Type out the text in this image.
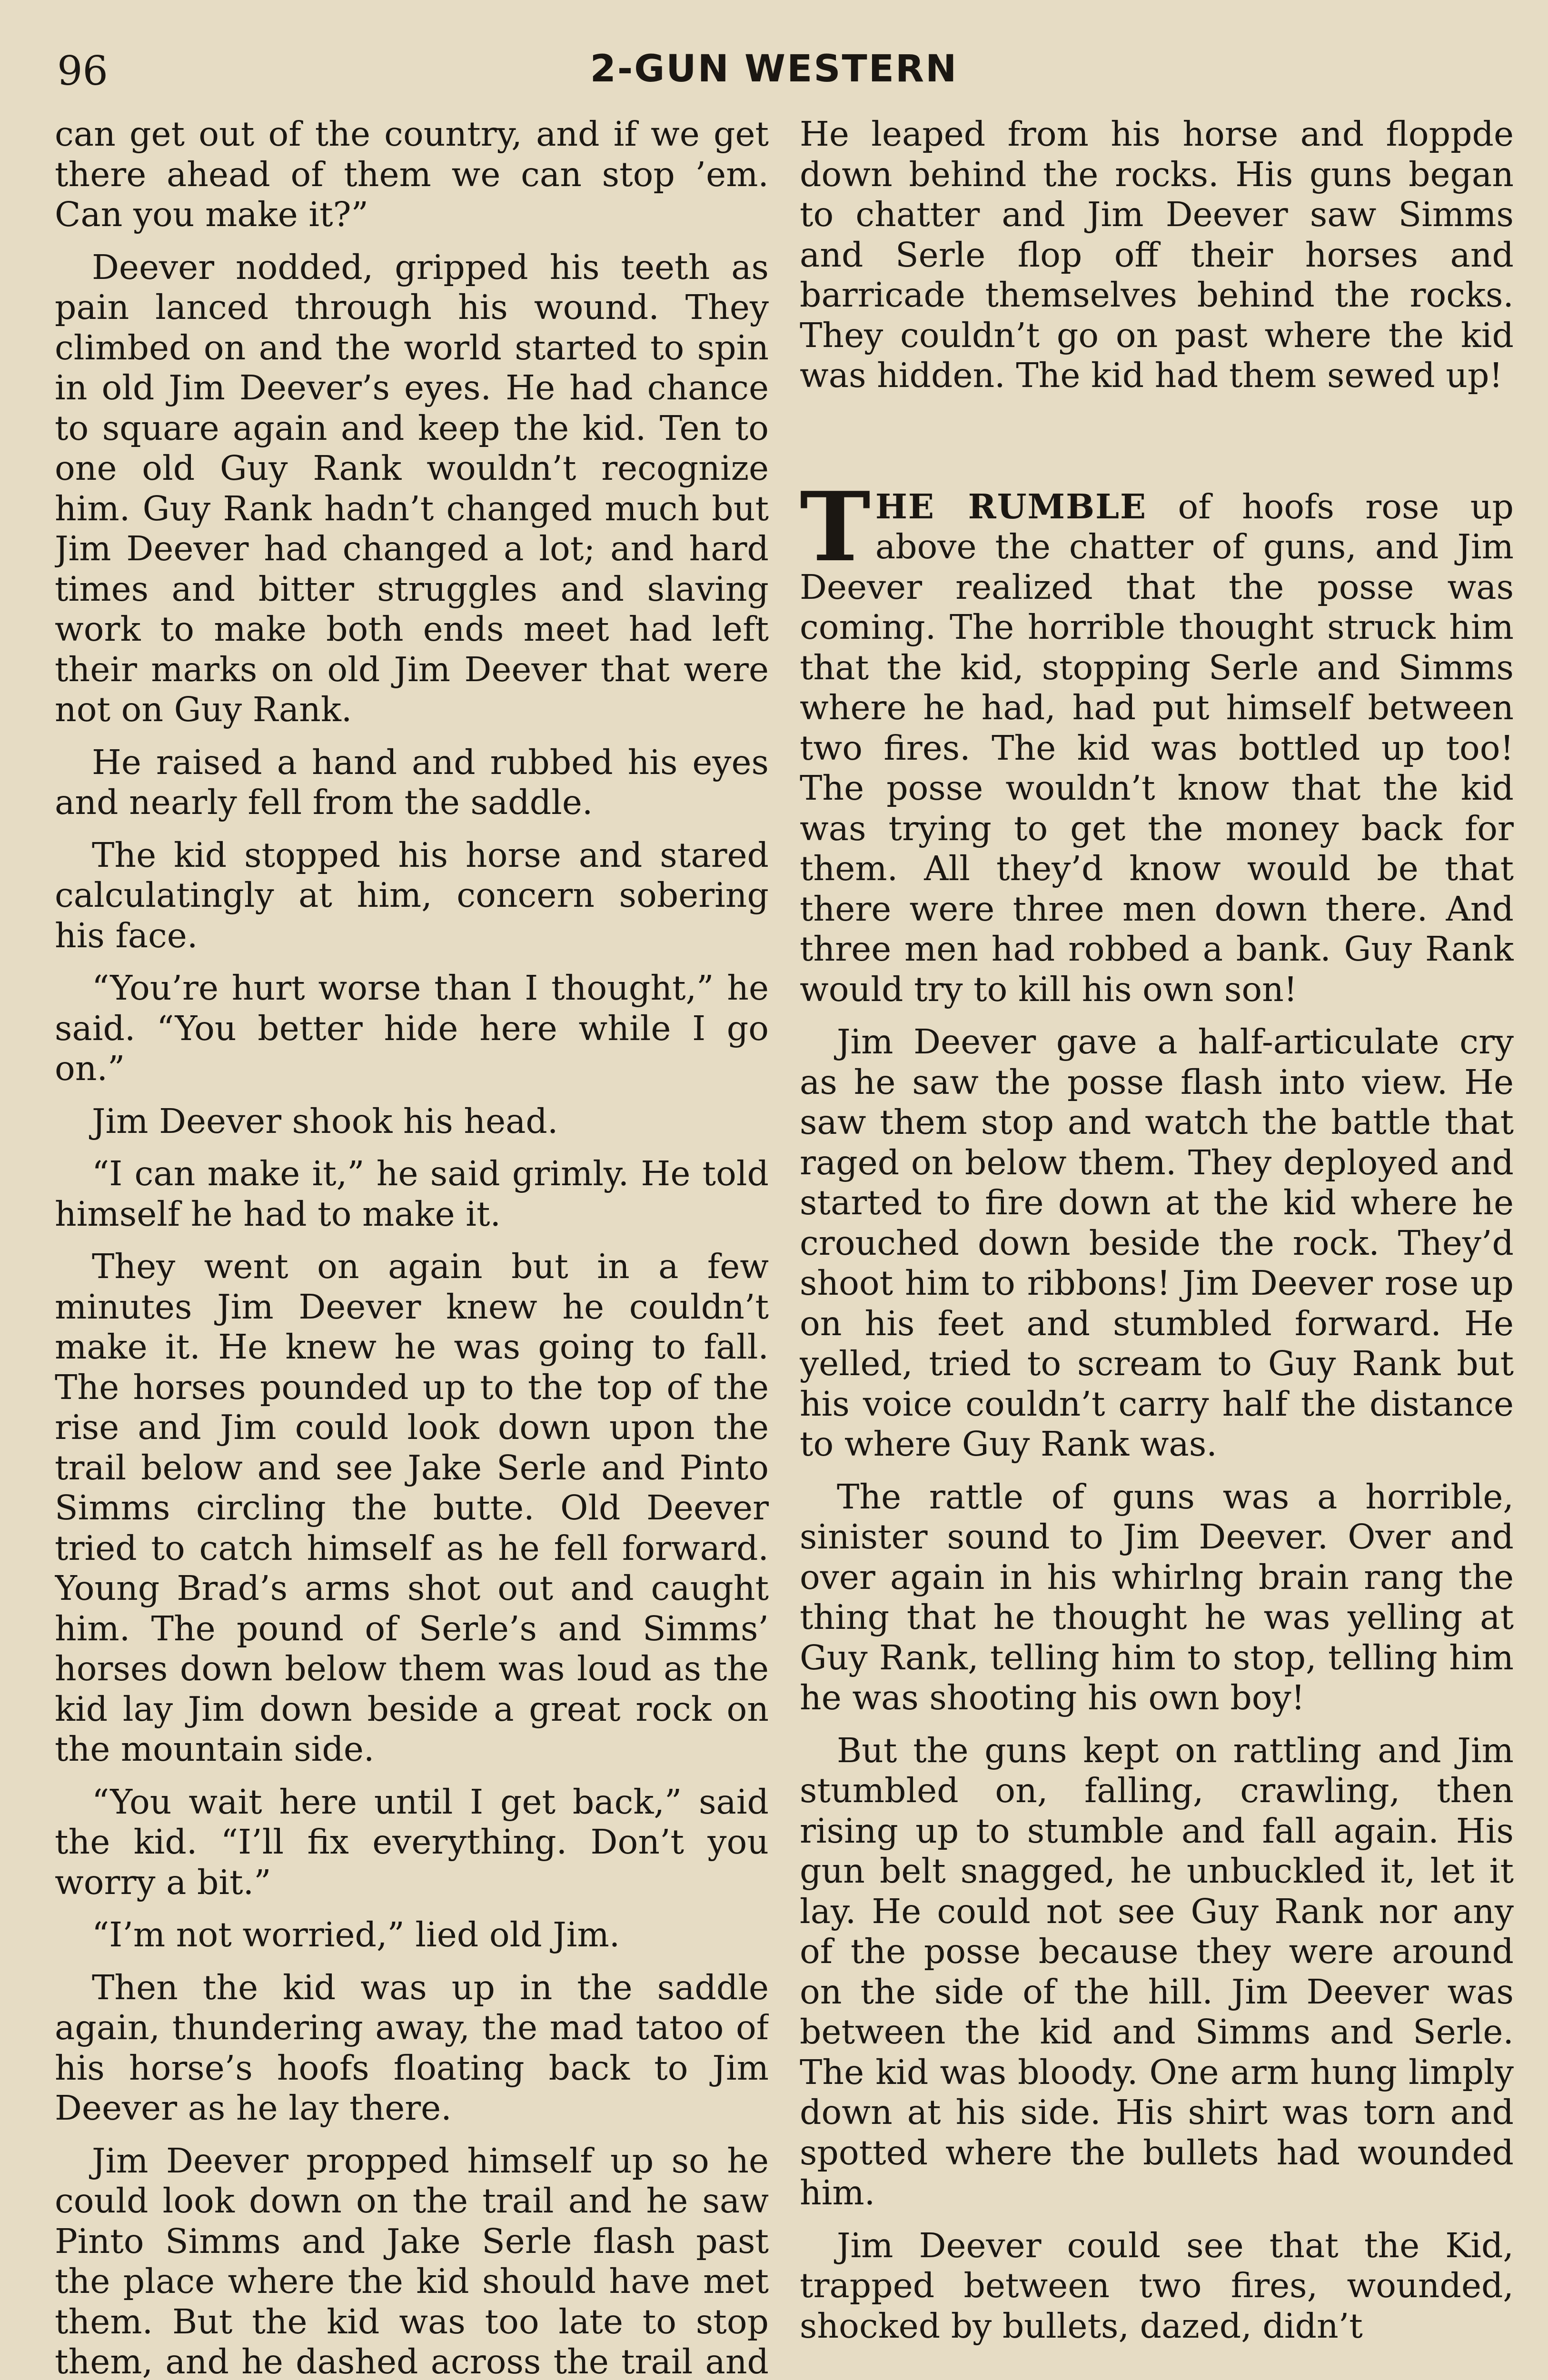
96	2-GUN WESTERN

can get out of the country, and if we get there ahead of them we can stop ’em. Can you make it?”

Deever nodded, gripped his teeth as pain lanced through his wound. They climbed on and the world started to spin in old Jim Deever’s eyes. He had chance to square again and keep the kid. Ten to one old Guy Rank wouldn’t recognize him. Guy Rank hadn’t changed much but Jim Deever had changed a lot; and hard times and bitter struggles and slaving work to make both ends meet had left their marks on old Jim Deever that were not on Guy Rank.

He raised a hand and rubbed his eyes and nearly fell from the saddle.

The kid stopped his horse and stared calculatingly at him, concern sobering his face.

“You’re hurt worse than I thought,” he said. “You better hide here while I go on.”

Jim Deever shook his head.

“I can make it,” he said grimly. He told himself he had to make it.

They went on again but in a few minutes Jim Deever knew he couldn’t make it. He knew he was going to fall. The horses pounded up to the top of the rise and Jim could look down upon the trail below and see Jake Serle and Pinto Simms circling the butte. Old Deever tried to catch himself as he fell forward. Young Brad’s arms shot out and caught him. The pound of Serle’s and Simms’ horses down below them was loud as the kid lay Jim down beside a great rock on the mountain side.

“You wait here until I get back,” said the kid. “I’ll fix everything. Don’t you worry a bit.”

“I’m not worried,” lied old Jim.

Then the kid was up in the saddle again, thundering away, the mad tatoo of his horse’s hoofs floating back to Jim Deever as he lay there.

Jim Deever propped himself up so he could look down on the trail and he saw Pinto Simms and Jake Serle flash past the place where the kid should have met them. But the kid was too late to stop them, and he dashed across the trail and

He leaped from his horse and floppde down behind the rocks. His guns began to chatter and Jim Deever saw Simms and Serle flop off their horses and barricade themselves behind the rocks. They couldn’t go on past where the kid was hidden. The kid had them sewed up!

THE RUMBLE of hoofs rose up above the chatter of guns, and Jim Deever realized that the posse was coming. The horrible thought struck him that the kid, stopping Serle and Simms where he had, had put himself between two fires. The kid was bottled up too! The posse wouldn’t know that the kid was trying to get the money back for them. All they’d know would be that there were three men down there. And three men had robbed a bank. Guy Rank would try to kill his own son!

Jim Deever gave a half-articulate cry as he saw the posse flash into view. He saw them stop and watch the battle that raged on below them. They deployed and started to fire down at the kid where he crouched down beside the rock. They’d shoot him to ribbons! Jim Deever rose up on his feet and stumbled forward. He yelled, tried to scream to Guy Rank but his voice couldn’t carry half the distance to where Guy Rank was.

The rattle of guns was a horrible, sinister sound to Jim Deever. Over and over again in his whirlng brain rang the thing that he thought he was yelling at Guy Rank, telling him to stop, telling him he was shooting his own boy!

But the guns kept on rattling and Jim stumbled on, falling, crawling, then rising up to stumble and fall again. His gun belt snagged, he unbuckled it, let it lay. He could not see Guy Rank nor any of the posse because they were around on the side of the hill. Jim Deever was between the kid and Simms and Serle. The kid was bloody. One arm hung limply down at his side. His shirt was torn and spotted where the bullets had wounded him.

Jim Deever could see that the Kid, trapped between two fires, wounded, shocked by bullets, dazed, didn’t
